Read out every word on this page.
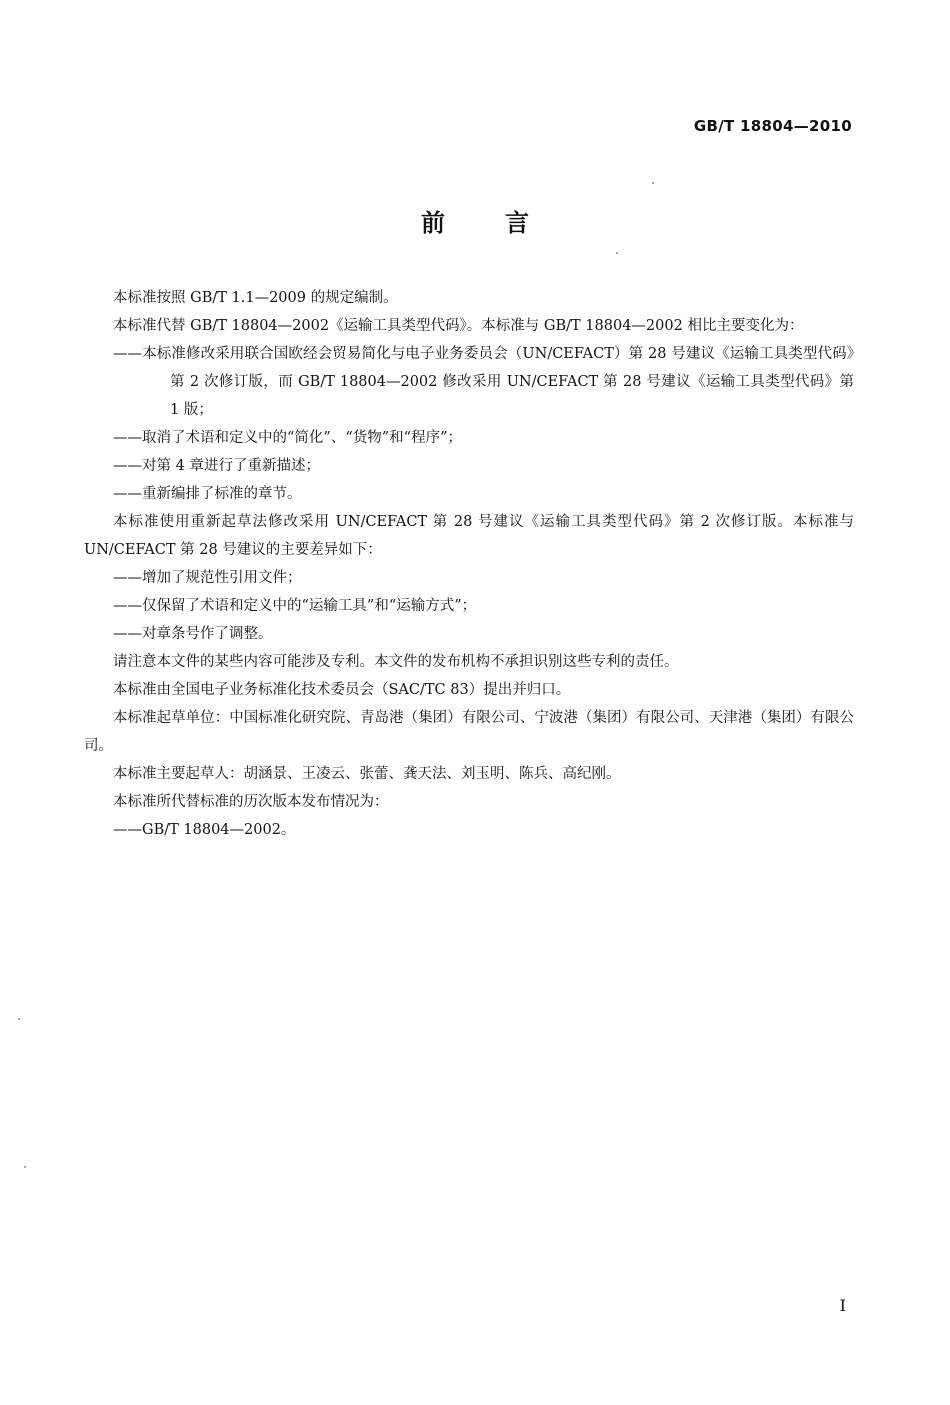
GB/T 18804—2010
前言

本标准按照 GB/T 1.1—2009 的规定编制。

本标准代替 GB/T 18804—2002《运输工具类型代码》。本标准与 GB/T 18804—2002 相比主要变化为：

——本标准修改采用联合国欧经会贸易简化与电子业务委员会（UN/CEFACT）第 28 号建议《运输工具类型代码》第 2 次修订版，而 GB/T 18804—2002 修改采用 UN/CEFACT 第 28 号建议《运输工具类型代码》第 1 版；

——取消了术语和定义中的“简化”、“货物”和“程序”；

——对第 4 章进行了重新描述；

——重新编排了标准的章节。

本标准使用重新起草法修改采用 UN/CEFACT 第 28 号建议《运输工具类型代码》第 2 次修订版。本标准与 UN/CEFACT 第 28 号建议的主要差异如下：

——增加了规范性引用文件；

——仅保留了术语和定义中的“运输工具”和“运输方式”；

——对章条号作了调整。

请注意本文件的某些内容可能涉及专利。本文件的发布机构不承担识别这些专利的责任。

本标准由全国电子业务标准化技术委员会（SAC/TC 83）提出并归口。

本标准起草单位：中国标准化研究院、青岛港（集团）有限公司、宁波港（集团）有限公司、天津港（集团）有限公司。

本标准主要起草人：胡涵景、王凌云、张蕾、龚天法、刘玉明、陈兵、高纪刚。

本标准所代替标准的历次版本发布情况为：

——GB/T 18804—2002。

I
